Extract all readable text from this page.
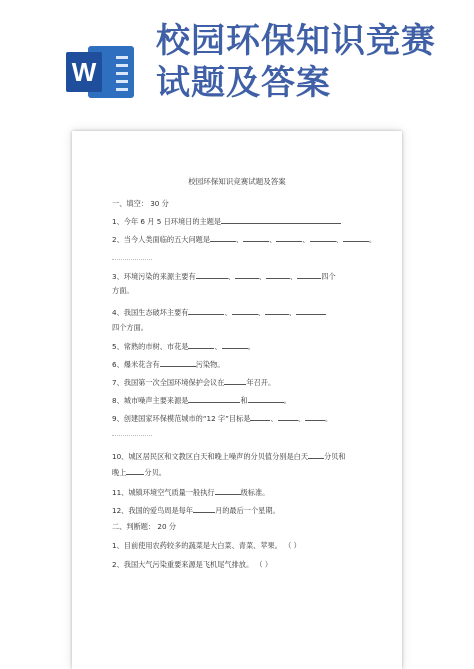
W
校园环保知识竞赛
试题及答案
校园环保知识竞赛试题及答案
一、填空： 30 分
1、今年 6 月 5 日环境日的主题是
2、当今人类面临的五大问题是	、	、	、	、	。
3、环境污染的来源主要有	、	、	、	四个
方面。
4、我国生态破坏主要有	、	、	、
四个方面。
5、常熟的市树、市花是	、	。
6、爆米花含有	污染物。
7、我国第一次全国环境保护会议在	年召开。
8、城市噪声主要来源是	和	。
9、创建国家环保模范城市的“12 字”目标是	、	、	。
10、城区居民区和文教区白天和晚上噪声的分贝值分别是白天 分贝和
晚上	分贝。
11、城镇环境空气质量一般执行	级标准。
12、我国的爱鸟周是每年	月的最后一个星期。
二、判断题： 20 分
1、目前使用农药较多的蔬菜是大白菜、青菜、苹果。 （ ）
2、我国大气污染重要来源是飞机尾气排放。 （ ）
